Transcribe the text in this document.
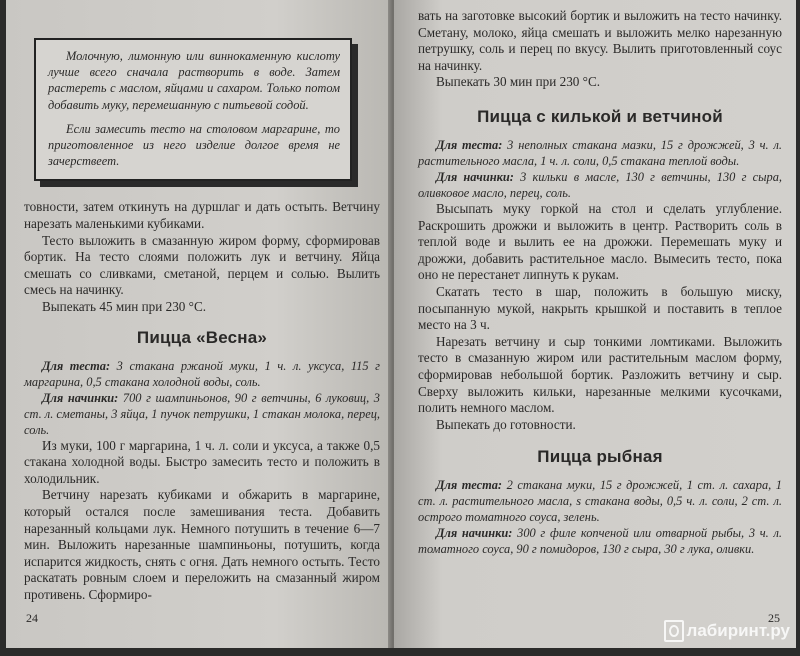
Молочную, лимонную или виннокаменную кислоту лучше всего сначала растворить в воде. Затем растереть с маслом, яйцами и сахаром. Только потом добавить муку, перемешанную с питьевой содой.

Если замесить тесто на столовом маргарине, то приготовленное из него изделие долгое время не зачерствеет.

товности, затем откинуть на дуршлаг и дать остыть. Ветчину нарезать маленькими кубиками.

Тесто выложить в смазанную жиром форму, сформировав бортик. На тесто слоями положить лук и ветчину. Яйца смешать со сливками, сметаной, перцем и солью. Вылить смесь на начинку.

Выпекать 45 мин при 230 °С.

Пицца «Весна»

Для теста: 3 стакана ржаной муки, 1 ч. л. уксуса, 115 г маргарина, 0,5 стакана холодной воды, соль.

Для начинки: 700 г шампиньонов, 90 г ветчины, 6 луковиц, 3 ст. л. сметаны, 3 яйца, 1 пучок петрушки, 1 стакан молока, перец, соль.

Из муки, 100 г маргарина, 1 ч. л. соли и уксуса, а также 0,5 стакана холодной воды. Быстро замесить тесто и положить в холодильник.

Ветчину нарезать кубиками и обжарить в маргарине, который остался после замешивания теста. Добавить нарезанный кольцами лук. Немного потушить в течение 6—7 мин. Выложить нарезанные шампиньоны, потушить, когда испарится жидкость, снять с огня. Дать немного остыть. Тесто раскатать ровным слоем и переложить на смазанный жиром противень. Сформиро-

24

вать на заготовке высокий бортик и выложить на тесто начинку. Сметану, молоко, яйца смешать и выложить мелко нарезанную петрушку, соль и перец по вкусу. Вылить приготовленный соус на начинку.

Выпекать 30 мин при 230 °С.

Пицца с килькой и ветчиной

Для теста: 3 неполных стакана мазки, 15 г дрожжей, 3 ч. л. растительного масла, 1 ч. л. соли, 0,5 стакана теплой воды.

Для начинки: 3 кильки в масле, 130 г ветчины, 130 г сыра, оливковое масло, перец, соль.

Высыпать муку горкой на стол и сделать углубление. Раскрошить дрожжи и выложить в центр. Растворить соль в теплой воде и вылить ее на дрожжи. Перемешать муку и дрожжи, добавить растительное масло. Вымесить тесто, пока оно не перестанет липнуть к рукам.

Скатать тесто в шар, положить в большую миску, посыпанную мукой, накрыть крышкой и поставить в теплое место на 3 ч.

Нарезать ветчину и сыр тонкими ломтиками. Выложить тесто в смазанную жиром или растительным маслом форму, сформировав небольшой бортик. Разложить ветчину и сыр. Сверху выложить кильки, нарезанные мелкими кусочками, полить немного маслом.

Выпекать до готовности.

Пицца рыбная

Для теста: 2 стакана муки, 15 г дрожжей, 1 ст. л. сахара, 1 ст. л. растительного масла, s стакана воды, 0,5 ч. л. соли, 2 ст. л. острого томатного соуса, зелень.

Для начинки: 300 г филе копченой или отварной рыбы, 3 ч. л. томатного соуса, 90 г помидоров, 130 г сыра, 30 г лука, оливки.

25
лабиринт.ру
